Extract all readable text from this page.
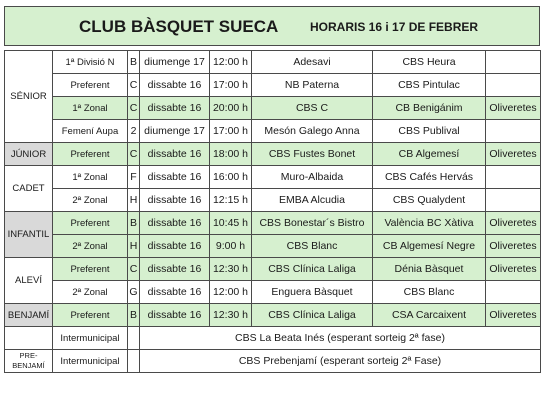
CLUB BÀSQUET SUECA	HORARIS 16 i 17 DE FEBRER
SÉNIOR	1ª Divisió N	B	diumenge 17	12:00 h	Adesavi	CBS Heura	
	Preferent	C	dissabte 16	17:00 h	NB Paterna	CBS Pintulac	
	1ª Zonal	C	dissabte 16	20:00 h	CBS C	CB Benigánim	Oliveretes
	Femení Aupa	2	diumenge 17	17:00 h	Mesón Galego Anna	CBS Publival	
JÚNIOR	Preferent	C	dissabte 16	18:00 h	CBS Fustes Bonet	CB Algemesí	Oliveretes
CADET	1ª Zonal	F	dissabte 16	16:00 h	Muro-Albaida	CBS Cafés Hervás	
	2ª Zonal	H	dissabte 16	12:15 h	EMBA Alcudia	CBS Qualydent	
INFANTIL	Preferent	B	dissabte 16	10:45 h	CBS Bonestar´s Bistro	València BC Xàtiva	Oliveretes
	2ª Zonal	H	dissabte 16	9:00 h	CBS Blanc	CB Algemesí Negre	Oliveretes
ALEVÍ	Preferent	C	dissabte 16	12:30 h	CBS Clínica Laliga	Dénia Bàsquet	Oliveretes
	2ª Zonal	G	dissabte 16	12:00 h	Enguera Bàsquet	CBS Blanc	
BENJAMÍ	Preferent	B	dissabte 16	12:30 h	CBS Clínica Laliga	CSA Carcaixent	Oliveretes
	Intermunicipal		CBS La Beata Inés (esperant sorteig 2ª fase)				
PRE-BENJAMÍ	Intermunicipal		CBS Prebenjamí (esperant sorteig 2ª Fase)				
